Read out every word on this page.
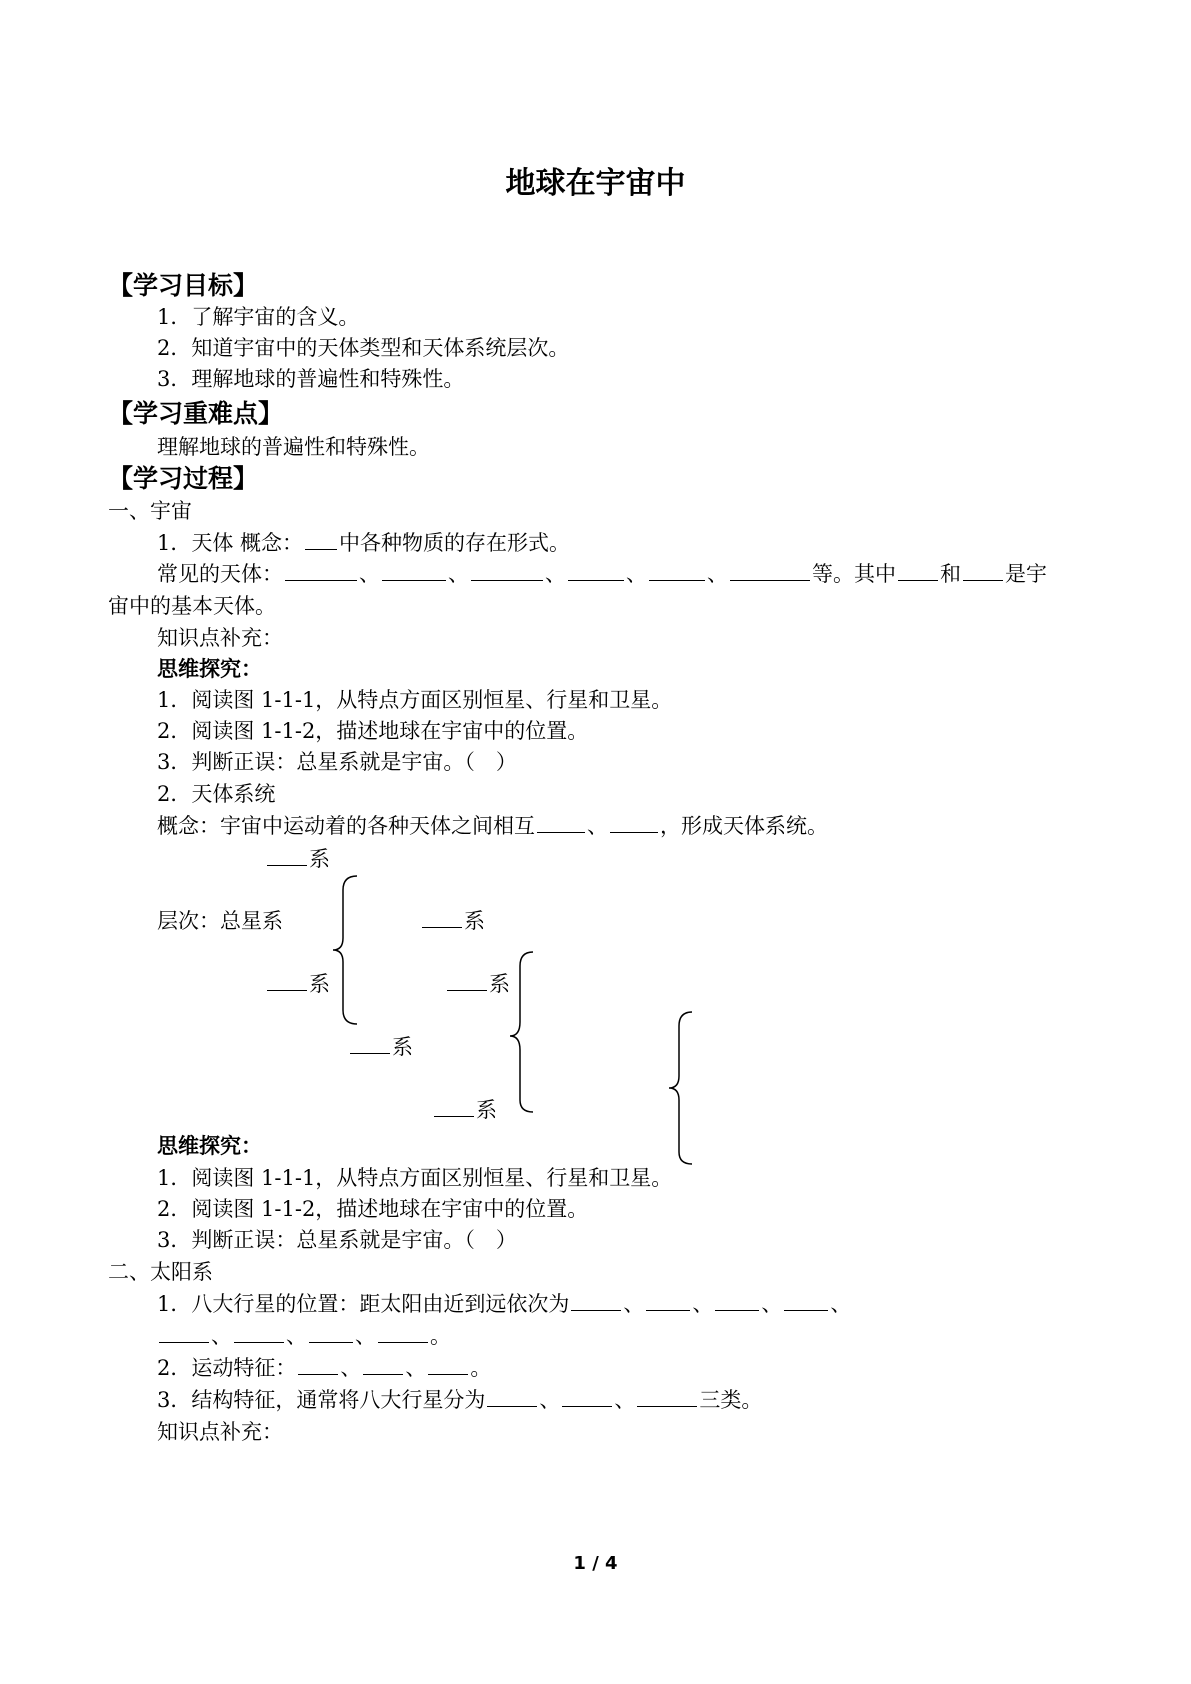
地球在宇宙中
【学习目标】
1．了解宇宙的含义。
2．知道宇宙中的天体类型和天体系统层次。
3．理解地球的普遍性和特殊性。
【学习重难点】
理解地球的普遍性和特殊性。
【学习过程】
一、宇宙
1．天体 概念： 中各种物质的存在形式。
常见的天体：	、	、	、	、	、	等。其中 和 是宇
宙中的基本天体。
知识点补充：
思维探究：
1．阅读图 1-1-1，从特点方面区别恒星、行星和卫星。
2．阅读图 1-1-2，描述地球在宇宙中的位置。
3．判断正误：总星系就是宇宙。（　）
2．天体系统
概念：宇宙中运动着的各种天体之间相互 、 ，形成天体系统。
系
层次：总星系	系
系	系
系
系
思维探究：
1．阅读图 1-1-1，从特点方面区别恒星、行星和卫星。
2．阅读图 1-1-2，描述地球在宇宙中的位置。
3．判断正误：总星系就是宇宙。（　）
二、太阳系
1．八大行星的位置：距太阳由近到远依次为	、 、 、 、
、	、 、	。
2．运动特征： 、 、 。
3．结构特征，通常将八大行星分为	、	、	三类。
知识点补充：
1 / 4
